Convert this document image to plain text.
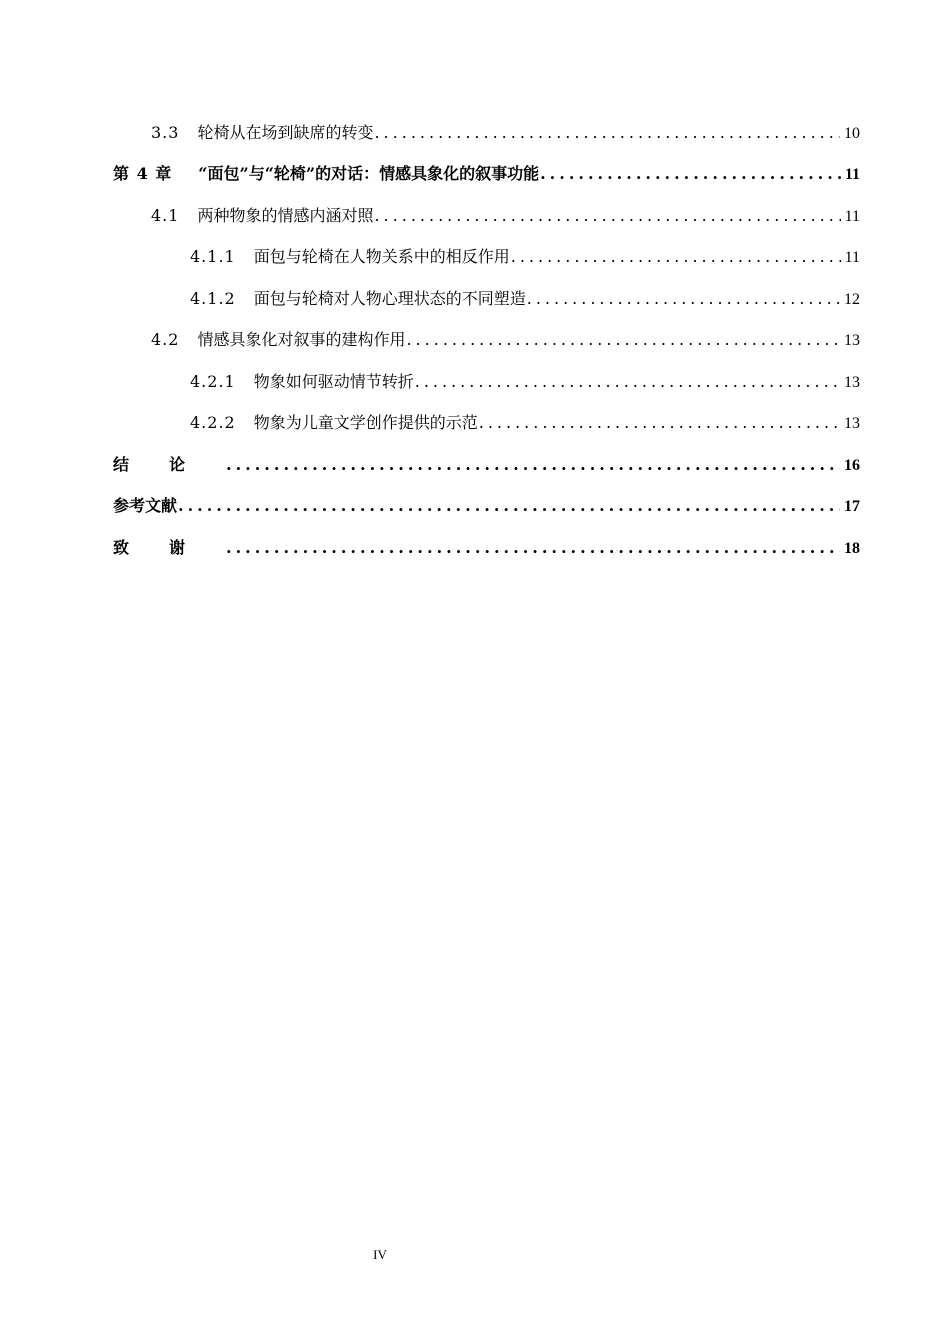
3.3 轮椅从在场到缺席的转变 .....	10
第 4 章 “面包”与“轮椅”的对话：情感具象化的叙事功能 .....	11
4.1 两种物象的情感内涵对照 .....	11
4.1.1 面包与轮椅在人物关系中的相反作用 .....	11
4.1.2 面包与轮椅对人物心理状态的不同塑造 .....	12
4.2 情感具象化对叙事的建构作用 .....	13
4.2.1 物象如何驱动情节转折 .....	13
4.2.2 物象为儿童文学创作提供的示范 .....	13
结论 .....	16
参考文献 .....	17
致谢 .....	18
IV
